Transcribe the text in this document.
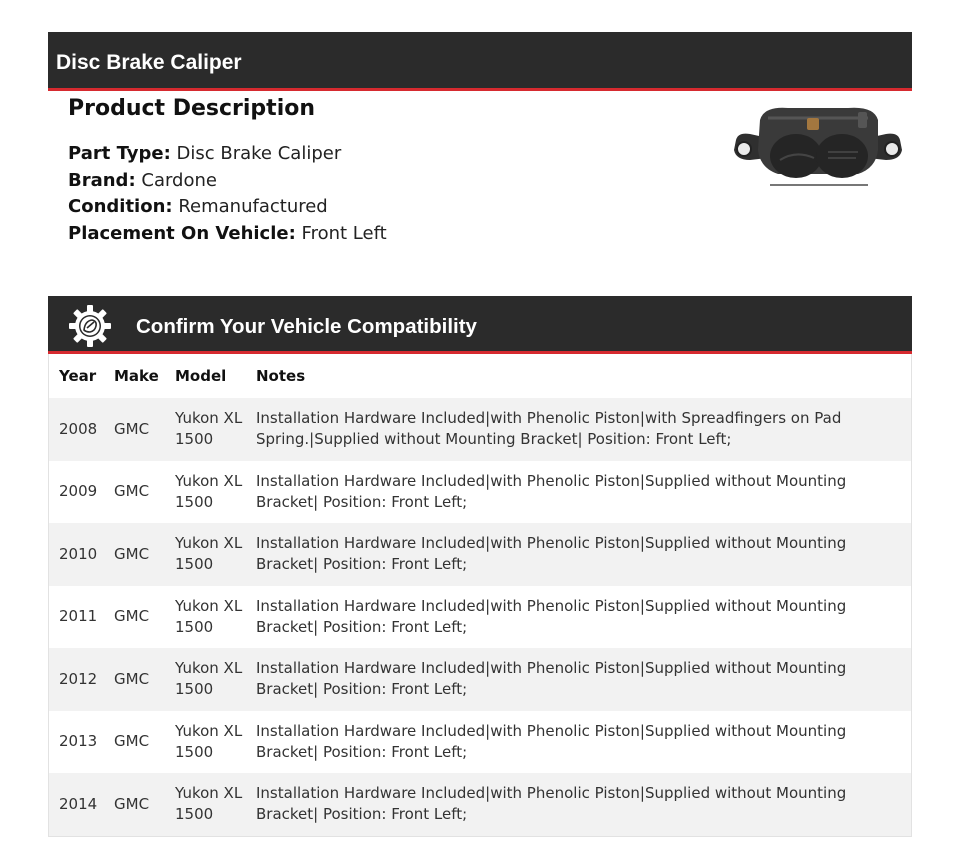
Disc Brake Caliper
Product Description
Part Type: Disc Brake Caliper
Brand: Cardone
Condition: Remanufactured
Placement On Vehicle: Front Left
Confirm Your Vehicle Compatibility
Year	Make	Model	Notes
2008	GMC	Yukon XL 1500	Installation Hardware Included|with Phenolic Piston|with Spreadfingers on Pad Spring.|Supplied without Mounting Bracket| Position: Front Left;
2009	GMC	Yukon XL 1500	Installation Hardware Included|with Phenolic Piston|Supplied without Mounting Bracket| Position: Front Left;
2010	GMC	Yukon XL 1500	Installation Hardware Included|with Phenolic Piston|Supplied without Mounting Bracket| Position: Front Left;
2011	GMC	Yukon XL 1500	Installation Hardware Included|with Phenolic Piston|Supplied without Mounting Bracket| Position: Front Left;
2012	GMC	Yukon XL 1500	Installation Hardware Included|with Phenolic Piston|Supplied without Mounting Bracket| Position: Front Left;
2013	GMC	Yukon XL 1500	Installation Hardware Included|with Phenolic Piston|Supplied without Mounting Bracket| Position: Front Left;
2014	GMC	Yukon XL 1500	Installation Hardware Included|with Phenolic Piston|Supplied without Mounting Bracket| Position: Front Left;
